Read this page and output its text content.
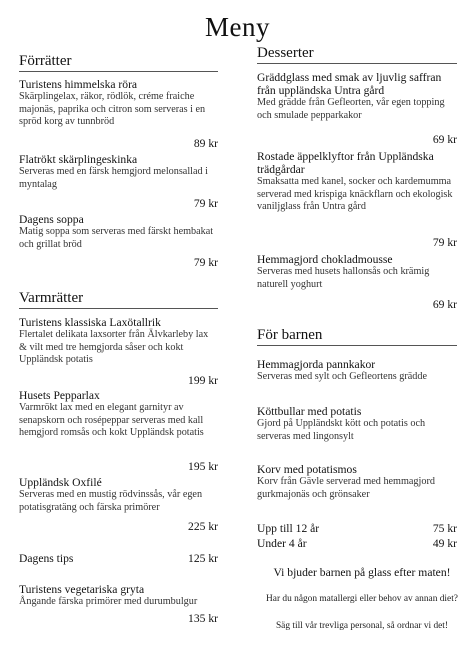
Meny
Förrätter
Turistens himmelska röra
Skärplingelax, räkor, rödlök, créme fraiche majonäs, paprika och citron som serveras i en spröd korg av tunnbröd
89 kr
Flatrökt skärplingeskinka
Serveras med en färsk hemgjord melonsallad i myntalag
79 kr
Dagens soppa
Matig soppa som serveras med färskt hembakat och grillat bröd
79 kr
Varmrätter
Turistens klassiska Laxötallrik
Flertalet delikata laxsorter från Älvkarleby lax & vilt med tre hemgjorda såser och kokt Uppländsk potatis
199 kr
Husets Pepparlax
Varmrökt lax med en elegant garnityr av senapskorn och rosépeppar serveras med kall hemgjord romsås och kokt Uppländsk potatis
195 kr
Uppländsk Oxfilé
Serveras med en mustig rödvinssås, vår egen potatisgratäng och färska primörer
225 kr
Dagens tips	125 kr
Turistens vegetariska gryta
Ångande färska primörer med durumbulgur
135 kr
Desserter
Gräddglass med smak av ljuvlig saffran från uppländska Untra gård
Med grädde från Gefleorten, vår egen topping och smulade pepparkakor
69 kr
Rostade äppelklyftor från Uppländska trädgårdar
Smaksatta med kanel, socker och kardemumma serverad med krispiga knäckflarn och ekologisk vaniljglass från Untra gård
79 kr
Hemmagjord chokladmousse
Serveras med husets hallonsås och krämig naturell yoghurt
69 kr
För barnen
Hemmagjorda pannkakor
Serveras med sylt och Gefleortens grädde
Köttbullar med potatis
Gjord på Uppländskt kött och potatis och serveras med lingonsylt
Korv med potatismos
Korv från Gävle serverad med hemmagjord gurkmajonäs och grönsaker
Upp till 12 år	75 kr
Under 4 år	49 kr
Vi bjuder barnen på glass efter maten!
Har du någon matallergi eller behov av annan diet?
Säg till vår trevliga personal, så ordnar vi det!
